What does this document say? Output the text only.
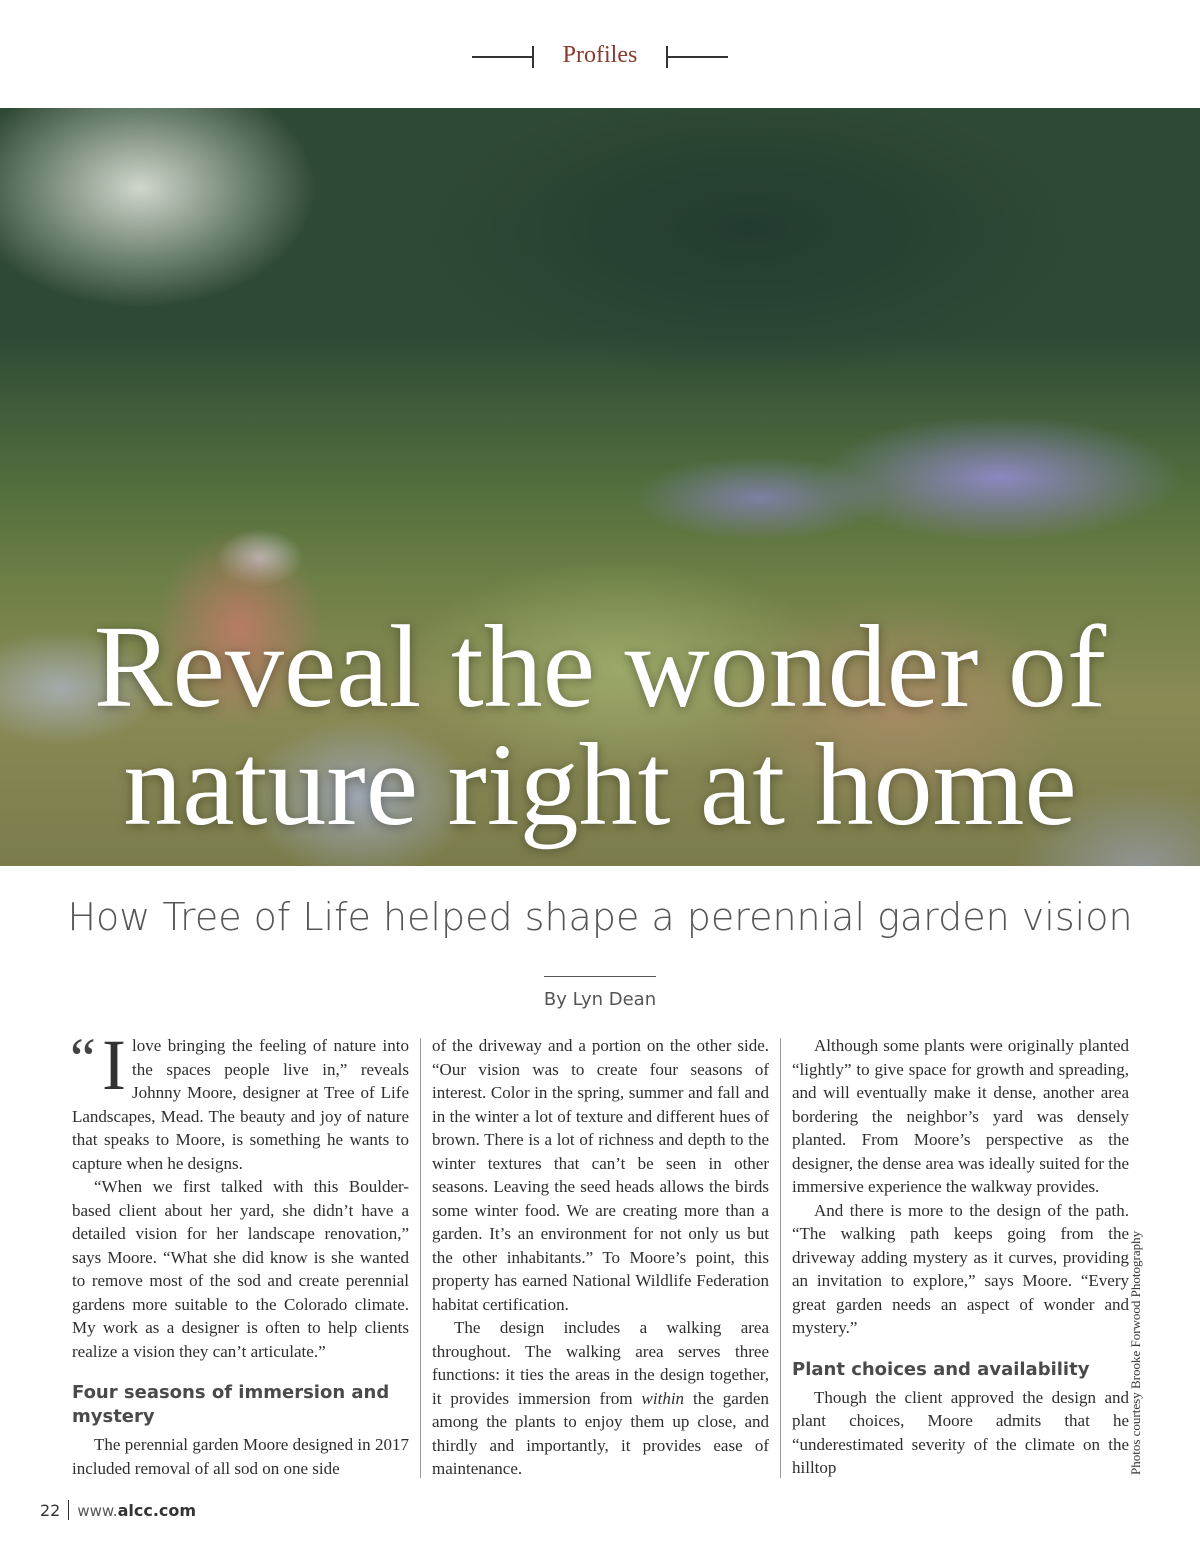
Profiles
Reveal the wonder of
nature right at home
How Tree of Life helped shape a perennial garden vision
By Lyn Dean
“ I love bringing the feeling of nature into the spaces people live in,” reveals Johnny Moore, designer at Tree of Life Landscapes, Mead. The beauty and joy of nature that speaks to Moore, is something he wants to capture when he designs.

“When we first talked with this Boulder-based client about her yard, she didn’t have a detailed vision for her landscape renovation,” says Moore. “What she did know is she wanted to remove most of the sod and create perennial gardens more suitable to the Colorado climate. My work as a designer is often to help clients realize a vision they can’t articulate.”

Four seasons of immersion and mystery

The perennial garden Moore designed in 2017 included removal of all sod on one side

of the driveway and a portion on the other side. “Our vision was to create four seasons of interest. Color in the spring, summer and fall and in the winter a lot of texture and different hues of brown. There is a lot of richness and depth to the winter textures that can’t be seen in other seasons. Leaving the seed heads allows the birds some winter food. We are creating more than a garden. It’s an environment for not only us but the other inhabitants.” To Moore’s point, this property has earned National Wildlife Federation habitat certification.

The design includes a walking area throughout. The walking area serves three functions: it ties the areas in the design together, it provides immersion from within the garden among the plants to enjoy them up close, and thirdly and importantly, it provides ease of maintenance.

Although some plants were originally planted “lightly” to give space for growth and spreading, and will eventually make it dense, another area bordering the neighbor’s yard was densely planted. From Moore’s perspective as the designer, the dense area was ideally suited for the immersive experience the walkway provides.

And there is more to the design of the path. “The walking path keeps going from the driveway adding mystery as it curves, providing an invitation to explore,” says Moore. “Every great garden needs an aspect of wonder and mystery.”

Plant choices and availability

Though the client approved the design and plant choices, Moore admits that he “underestimated severity of the climate on the hilltop	Photos courtesy Brooke Forwood Photography
22 www.alcc.com
